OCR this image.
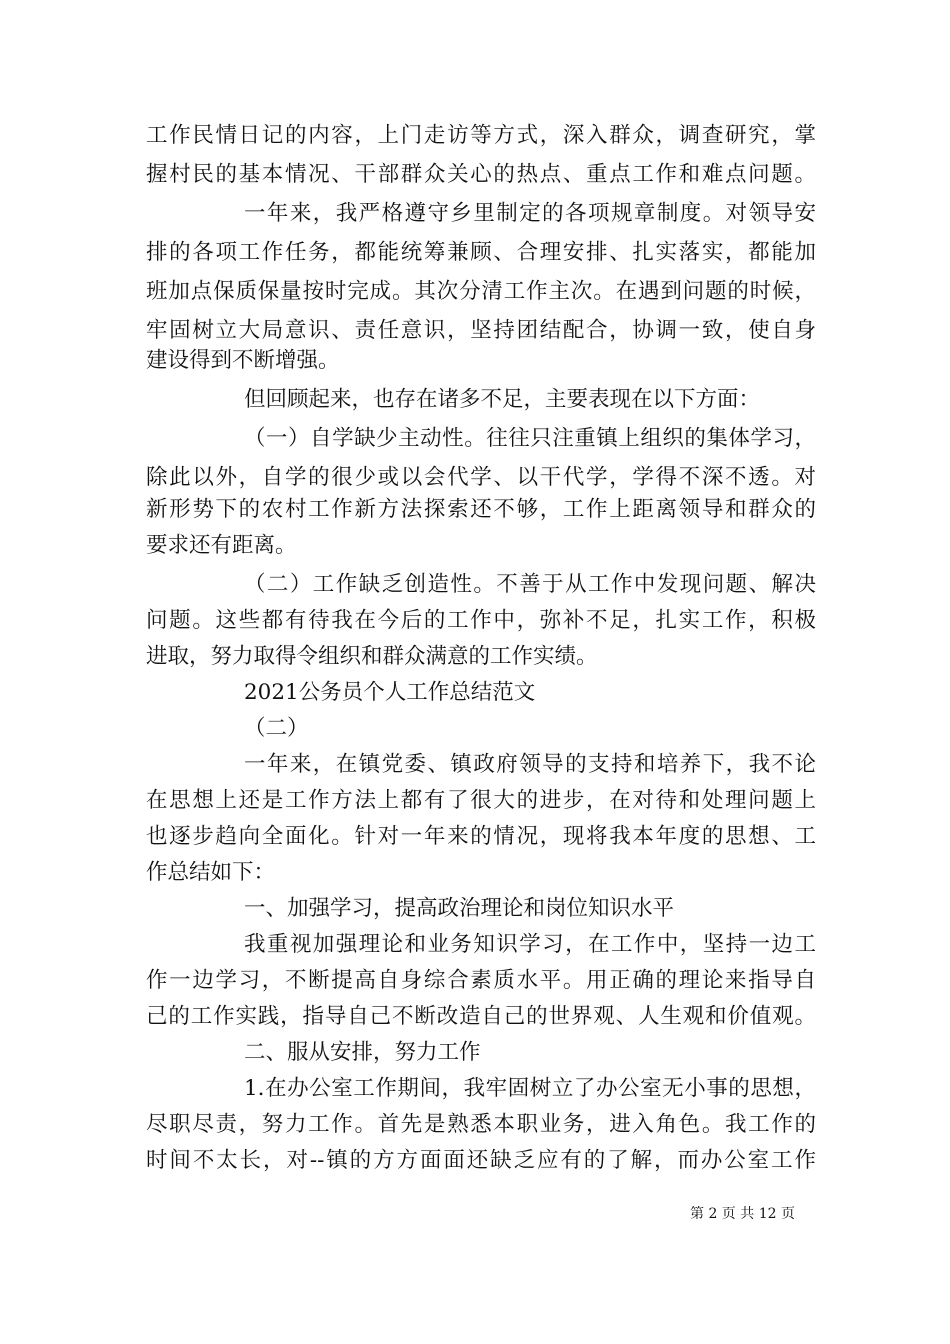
工作民情日记的内容，上门走访等方式，深入群众，调查研究，掌
握村民的基本情况、干部群众关心的热点、重点工作和难点问题。
一年来，我严格遵守乡里制定的各项规章制度。对领导安
排的各项工作任务，都能统筹兼顾、合理安排、扎实落实，都能加
班加点保质保量按时完成。其次分清工作主次。在遇到问题的时候，
牢固树立大局意识、责任意识，坚持团结配合，协调一致，使自身
建设得到不断增强。
但回顾起来，也存在诸多不足，主要表现在以下方面：
（一）自学缺少主动性。往往只注重镇上组织的集体学习，
除此以外，自学的很少或以会代学、以干代学，学得不深不透。对
新形势下的农村工作新方法探索还不够，工作上距离领导和群众的
要求还有距离。
（二）工作缺乏创造性。不善于从工作中发现问题、解决
问题。这些都有待我在今后的工作中，弥补不足，扎实工作，积极
进取，努力取得令组织和群众满意的工作实绩。
2021公务员个人工作总结范文
（二）
一年来，在镇党委、镇政府领导的支持和培养下，我不论
在思想上还是工作方法上都有了很大的进步，在对待和处理问题上
也逐步趋向全面化。针对一年来的情况，现将我本年度的思想、工
作总结如下：
一、加强学习，提高政治理论和岗位知识水平
我重视加强理论和业务知识学习，在工作中，坚持一边工
作一边学习，不断提高自身综合素质水平。用正确的理论来指导自
己的工作实践，指导自己不断改造自己的世界观、人生观和价值观。
二、服从安排，努力工作
1.在办公室工作期间，我牢固树立了办公室无小事的思想，
尽职尽责，努力工作。首先是熟悉本职业务，进入角色。我工作的
时间不太长，对--镇的方方面面还缺乏应有的了解，而办公室工作
第 2 页 共 12 页
